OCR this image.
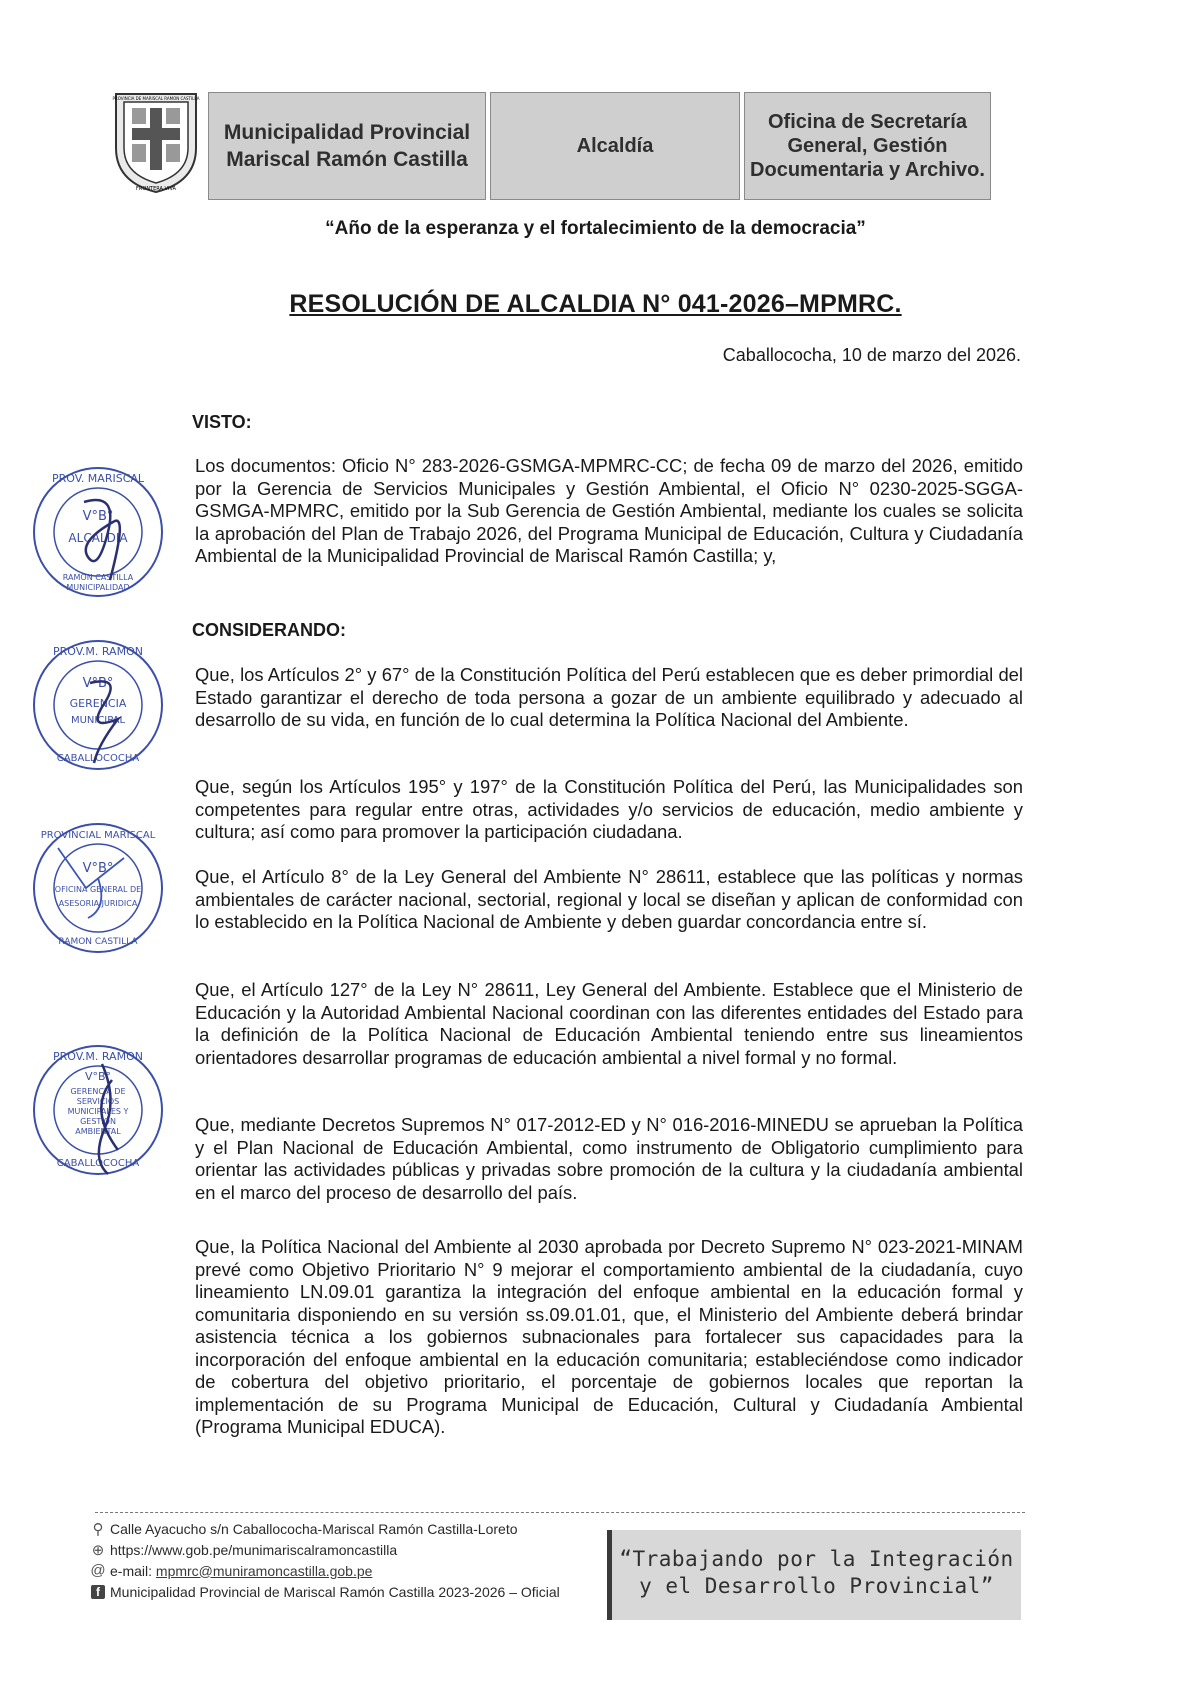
PROVINCIA DE MARISCAL RAMON CASTILLA
FRONTERA VIVA
Municipalidad Provincial
Mariscal Ramón Castilla
Alcaldía
Oficina de Secretaría
General, Gestión
Documentaria y Archivo.
“Año de la esperanza y el fortalecimiento de la democracia”
RESOLUCIÓN DE ALCALDIA N° 041-2026–MPMRC.
Caballococha, 10 de marzo del 2026.
VISTO:
Los documentos: Oficio N° 283-2026-GSMGA-MPMRC-CC; de fecha 09 de marzo del 2026, emitido por la Gerencia de Servicios Municipales y Gestión Ambiental, el Oficio N° 0230-2025-SGGA-GSMGA-MPMRC, emitido por la Sub Gerencia de Gestión Ambiental, mediante los cuales se solicita la aprobación del Plan de Trabajo 2026, del Programa Municipal de Educación, Cultura y Ciudadanía Ambiental de la Municipalidad Provincial de Mariscal Ramón Castilla; y,
CONSIDERANDO:
Que, los Artículos 2° y 67° de la Constitución Política del Perú establecen que es deber primordial del Estado garantizar el derecho de toda persona a gozar de un ambiente equilibrado y adecuado al desarrollo de su vida, en función de lo cual determina la Política Nacional del Ambiente.
Que, según los Artículos 195° y 197° de la Constitución Política del Perú, las Municipalidades son competentes para regular entre otras, actividades y/o servicios de educación, medio ambiente y cultura; así como para promover la participación ciudadana.
Que, el Artículo 8° de la Ley General del Ambiente N° 28611, establece que las políticas y normas ambientales de carácter nacional, sectorial, regional y local se diseñan y aplican de conformidad con lo establecido en la Política Nacional de Ambiente y deben guardar concordancia entre sí.
Que, el Artículo 127° de la Ley N° 28611, Ley General del Ambiente. Establece que el Ministerio de Educación y la Autoridad Ambiental Nacional coordinan con las diferentes entidades del Estado para la definición de la Política Nacional de Educación Ambiental teniendo entre sus lineamientos orientadores desarrollar programas de educación ambiental a nivel formal y no formal.
Que, mediante Decretos Supremos N° 017-2012-ED y N° 016-2016-MINEDU se aprueban la Política y el Plan Nacional de Educación Ambiental, como instrumento de Obligatorio cumplimiento para orientar las actividades públicas y privadas sobre promoción de la cultura y la ciudadanía ambiental en el marco del proceso de desarrollo del país.
Que, la Política Nacional del Ambiente al 2030 aprobada por Decreto Supremo N° 023-2021-MINAM prevé como Objetivo Prioritario N° 9 mejorar el comportamiento ambiental de la ciudadanía, cuyo lineamiento LN.09.01 garantiza la integración del enfoque ambiental en la educación formal y comunitaria disponiendo en su versión ss.09.01.01, que, el Ministerio del Ambiente deberá brindar asistencia técnica a los gobiernos subnacionales para fortalecer sus capacidades para la incorporación del enfoque ambiental en la educación comunitaria; estableciéndose como indicador de cobertura del objetivo prioritario, el porcentaje de gobiernos locales que reportan la implementación de su Programa Municipal de Educación, Cultural y Ciudadanía Ambiental (Programa Municipal EDUCA).
PROV. MARISCAL
V°B°
ALCALDIA
MUNICIPALIDAD
RAMON CASTILLA
PROV.M. RAMON
V°B°
GERENCIA
MUNICIPAL
CABALLOCOCHA
PROVINCIAL MARISCAL
V°B°
OFICINA GENERAL DE
ASESORIA JURIDICA
RAMON CASTILLA
PROV.M. RAMON
V°B°
GERENCIA DE
SERVICIOS
MUNICIPALES Y
GESTION
AMBIENTAL
CABALLOCOCHA
⚲ Calle Ayacucho s/n Caballococha-Mariscal Ramón Castilla-Loreto
⊕ https://www.gob.pe/munimariscalramoncastilla
@ e-mail:
mpmrc@muniramoncastilla.gob.pe
f Municipalidad Provincial de Mariscal Ramón Castilla 2023-2026 – Oficial
“Trabajando por la Integración
y el Desarrollo Provincial”
